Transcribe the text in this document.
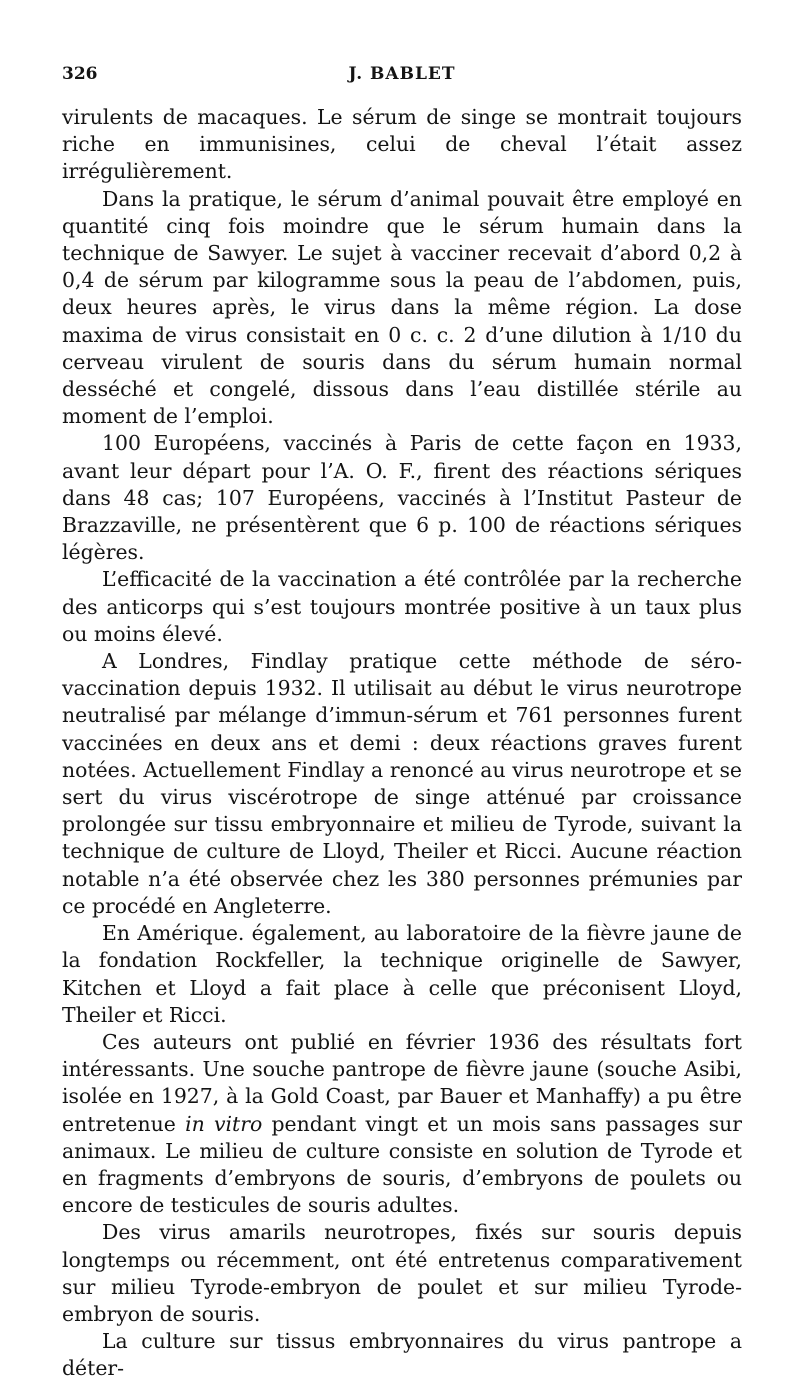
326	J. BABLET

virulents de macaques. Le sérum de singe se montrait toujours riche en immunisines, celui de cheval l’était assez irrégulièrement.

Dans la pratique, le sérum d’animal pouvait être employé en quantité cinq fois moindre que le sérum humain dans la technique de Sawyer. Le sujet à vacciner recevait d’abord 0,2 à 0,4 de sérum par kilogramme sous la peau de l’abdomen, puis, deux heures après, le virus dans la même région. La dose maxima de virus consistait en 0 c. c. 2 d’une dilution à 1/10 du cerveau virulent de souris dans du sérum humain normal desséché et congelé, dissous dans l’eau distillée stérile au moment de l’emploi.

100 Européens, vaccinés à Paris de cette façon en 1933, avant leur départ pour l’A. O. F., firent des réactions sériques dans 48 cas; 107 Européens, vaccinés à l’Institut Pasteur de Brazzaville, ne présentèrent que 6 p. 100 de réactions sériques légères.

L’efficacité de la vaccination a été contrôlée par la recherche des anticorps qui s’est toujours montrée positive à un taux plus ou moins élevé.

A Londres, Findlay pratique cette méthode de séro-vaccination depuis 1932. Il utilisait au début le virus neurotrope neutralisé par mélange d’immun-sérum et 761 personnes furent vaccinées en deux ans et demi : deux réactions graves furent notées. Actuellement Findlay a renoncé au virus neurotrope et se sert du virus viscérotrope de singe atténué par croissance prolongée sur tissu embryonnaire et milieu de Tyrode, suivant la technique de culture de Lloyd, Theiler et Ricci. Aucune réaction notable n’a été observée chez les 380 personnes prémunies par ce procédé en Angleterre.

En Amérique. également, au laboratoire de la fièvre jaune de la fondation Rockfeller, la technique originelle de Sawyer, Kitchen et Lloyd a fait place à celle que préconisent Lloyd, Theiler et Ricci.

Ces auteurs ont publié en février 1936 des résultats fort intéressants. Une souche pantrope de fièvre jaune (souche Asibi, isolée en 1927, à la Gold Coast, par Bauer et Manhaffy) a pu être entretenue in vitro pendant vingt et un mois sans passages sur animaux. Le milieu de culture consiste en solution de Tyrode et en fragments d’embryons de souris, d’embryons de poulets ou encore de testicules de souris adultes.

Des virus amarils neurotropes, fixés sur souris depuis longtemps ou récemment, ont été entretenus comparativement sur milieu Tyrode-embryon de poulet et sur milieu Tyrode-embryon de souris.

La culture sur tissus embryonnaires du virus pantrope a déter-
